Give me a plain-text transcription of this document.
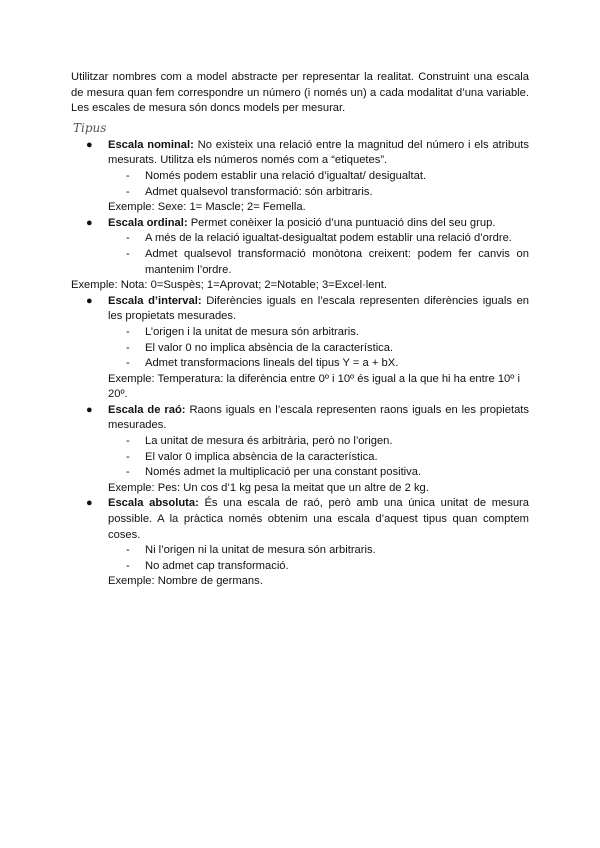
Utilitzar nombres com a model abstracte per representar la realitat. Construint una escala de mesura quan fem correspondre un número (i només un) a cada modalitat d’una variable. Les escales de mesura són doncs models per mesurar.

Tipus
● Escala nominal: No existeix una relació entre la magnitud del número i els atributs mesurats. Utilitza els números només com a “etiquetes”.
- Només podem establir una relació d’igualtat/ desigualtat.
- Admet qualsevol transformació: són arbitraris.
Exemple: Sexe: 1= Mascle; 2= Femella.
● Escala ordinal: Permet conèixer la posició d’una puntuació dins del seu grup.
- A més de la relació igualtat-desigualtat podem establir una relació d’ordre.
- Admet qualsevol transformació monòtona creixent: podem fer canvis on mantenim l’ordre.
Exemple: Nota: 0=Suspès; 1=Aprovat; 2=Notable; 3=Excel·lent.
● Escala d’interval: Diferències iguals en l’escala representen diferències iguals en les propietats mesurades.
- L’origen i la unitat de mesura són arbitraris.
- El valor 0 no implica absència de la característica.
- Admet transformacions lineals del tipus Y = a + bX.
Exemple: Temperatura: la diferència entre 0º i 10º és igual a la que hi ha entre 10º i 20º.
● Escala de raó: Raons iguals en l’escala representen raons iguals en les propietats mesurades.
- La unitat de mesura és arbitrària, però no l’origen.
- El valor 0 implica absència de la característica.
- Només admet la multiplicació per una constant positiva.
Exemple: Pes: Un cos d’1 kg pesa la meitat que un altre de 2 kg.
● Escala absoluta: És una escala de raó, però amb una única unitat de mesura possible. A la pràctica només obtenim una escala d’aquest tipus quan comptem coses.
- Ni l’origen ni la unitat de mesura són arbitraris.
- No admet cap transformació.
Exemple: Nombre de germans.
